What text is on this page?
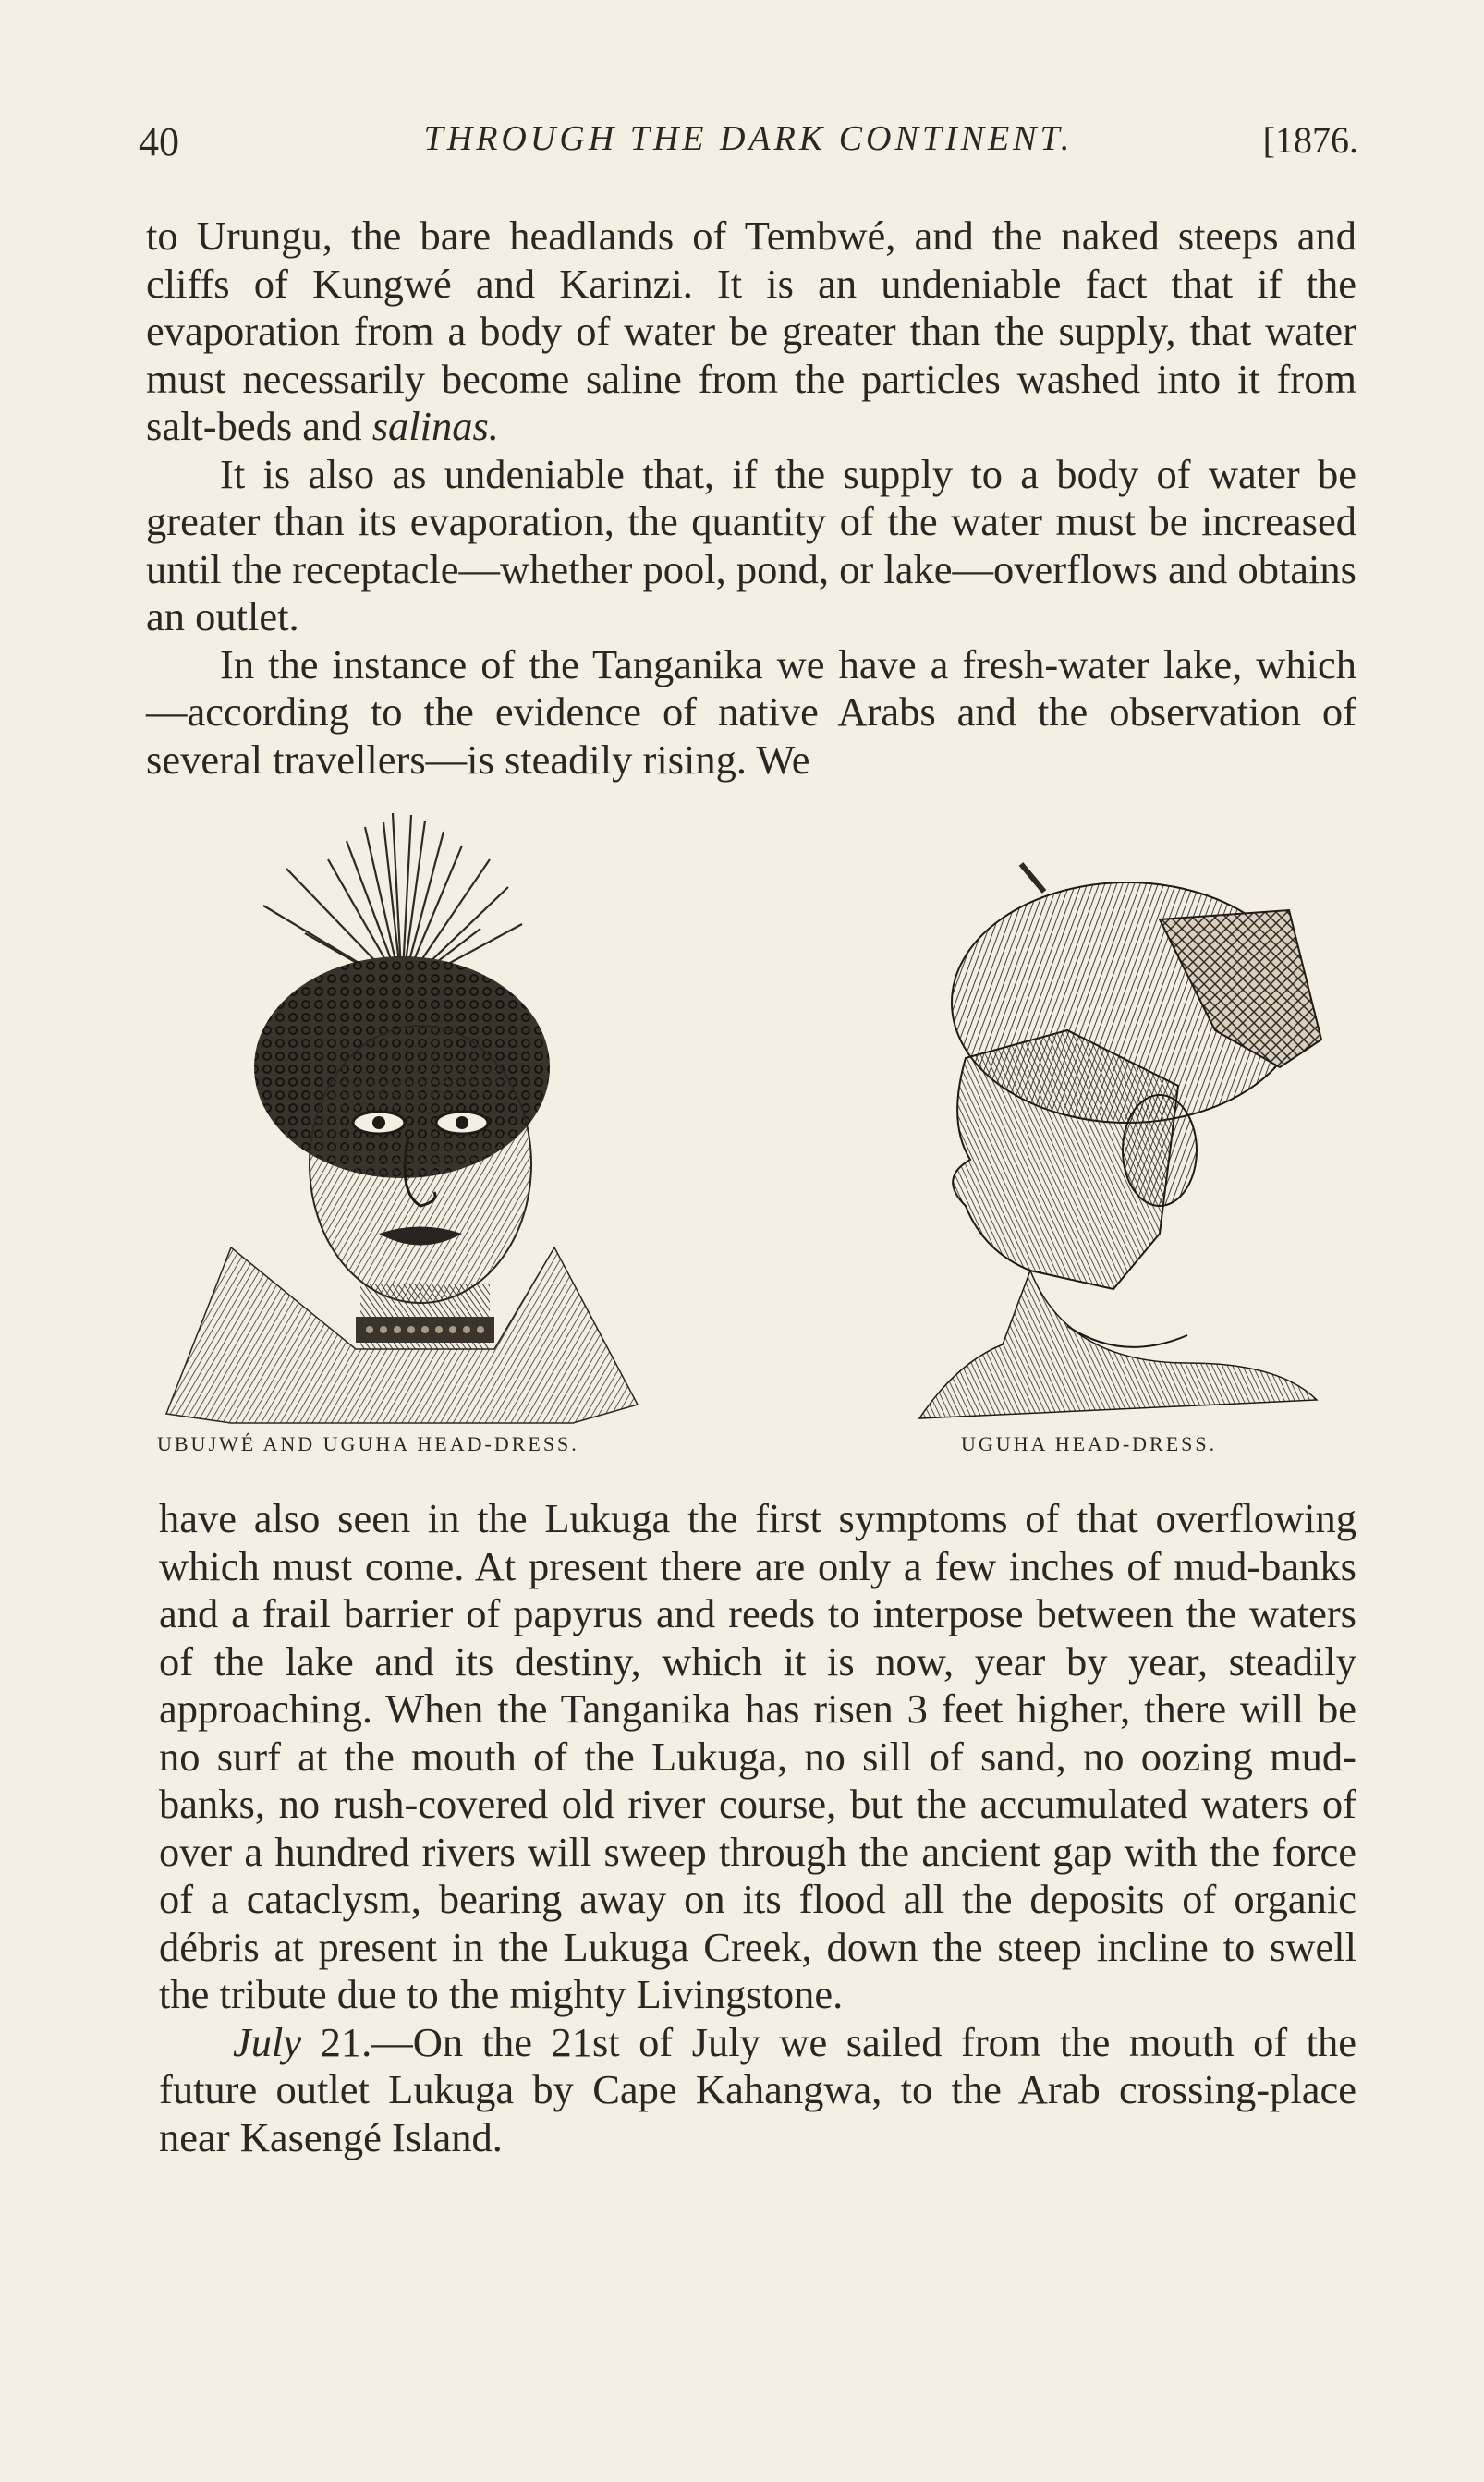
40	THROUGH THE DARK CONTINENT.	[1876.

to Urungu, the bare headlands of Tembwé, and the naked steeps and cliffs of Kungwé and Karinzi. It is an undeniable fact that if the evaporation from a body of water be greater than the supply, that water must necessarily become saline from the particles washed into it from salt-beds and salinas.

It is also as undeniable that, if the supply to a body of water be greater than its evaporation, the quantity of the water must be increased until the receptacle—whether pool, pond, or lake—overflows and obtains an outlet.

In the instance of the Tanganika we have a fresh-water lake, which—according to the evidence of native Arabs and the observation of several travellers—is steadily rising. We

UBUJWÉ AND UGUHA HEAD-DRESS.	UGUHA HEAD-DRESS.

have also seen in the Lukuga the first symptoms of that overflowing which must come. At present there are only a few inches of mud-banks and a frail barrier of papyrus and reeds to interpose between the waters of the lake and its destiny, which it is now, year by year, steadily approaching. When the Tanganika has risen 3 feet higher, there will be no surf at the mouth of the Lukuga, no sill of sand, no oozing mud-banks, no rush-covered old river course, but the accumulated waters of over a hundred rivers will sweep through the ancient gap with the force of a cataclysm, bearing away on its flood all the deposits of organic débris at present in the Lukuga Creek, down the steep incline to swell the tribute due to the mighty Livingstone.

July 21.—On the 21st of July we sailed from the mouth of the future outlet Lukuga by Cape Kahangwa, to the Arab crossing-place near Kasengé Island.
